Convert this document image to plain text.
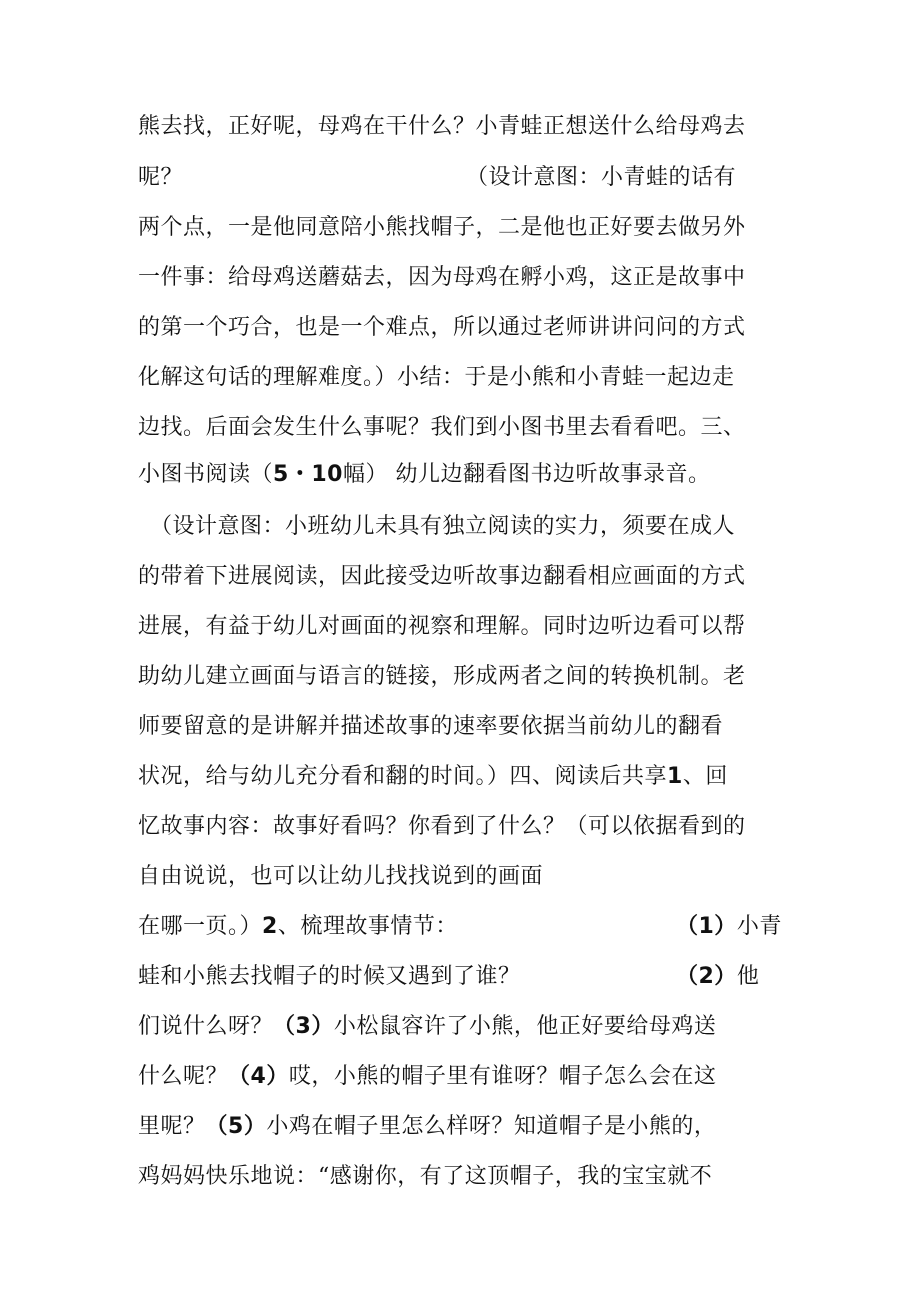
熊去找，正好呢，母鸡在干什么？小青蛙正想送什么给母鸡去
呢？	（设计意图：小青蛙的话有
两个点，一是他同意陪小熊找帽子，二是他也正好要去做另外
一件事：给母鸡送蘑菇去，因为母鸡在孵小鸡，这正是故事中
的第一个巧合，也是一个难点，所以通过老师讲讲问问的方式
化解这句话的理解难度。）小结：于是小熊和小青蛙一起边走
边找。后面会发生什么事呢？我们到小图书里去看看吧。三、
小图书阅读（5・10幅） 幼儿边翻看图书边听故事录音。
（设计意图：小班幼儿未具有独立阅读的实力，须要在成人
的带着下进展阅读，因此接受边听故事边翻看相应画面的方式
进展，有益于幼儿对画面的视察和理解。同时边听边看可以帮
助幼儿建立画面与语言的链接，形成两者之间的转换机制。老
师要留意的是讲解并描述故事的速率要依据当前幼儿的翻看
状况，给与幼儿充分看和翻的时间。）四、阅读后共享1、回
忆故事内容：故事好看吗？你看到了什么？（可以依据看到的
自由说说，也可以让幼儿找找说到的画面
在哪一页。）2、梳理故事情节：	（1）小青
蛙和小熊去找帽子的时候又遇到了谁？	（2）他
们说什么呀？（3）小松鼠容许了小熊，他正好要给母鸡送
什么呢？（4）哎，小熊的帽子里有谁呀？帽子怎么会在这
里呢？（5）小鸡在帽子里怎么样呀？知道帽子是小熊的，
鸡妈妈快乐地说：“感谢你，有了这顶帽子，我的宝宝就不
